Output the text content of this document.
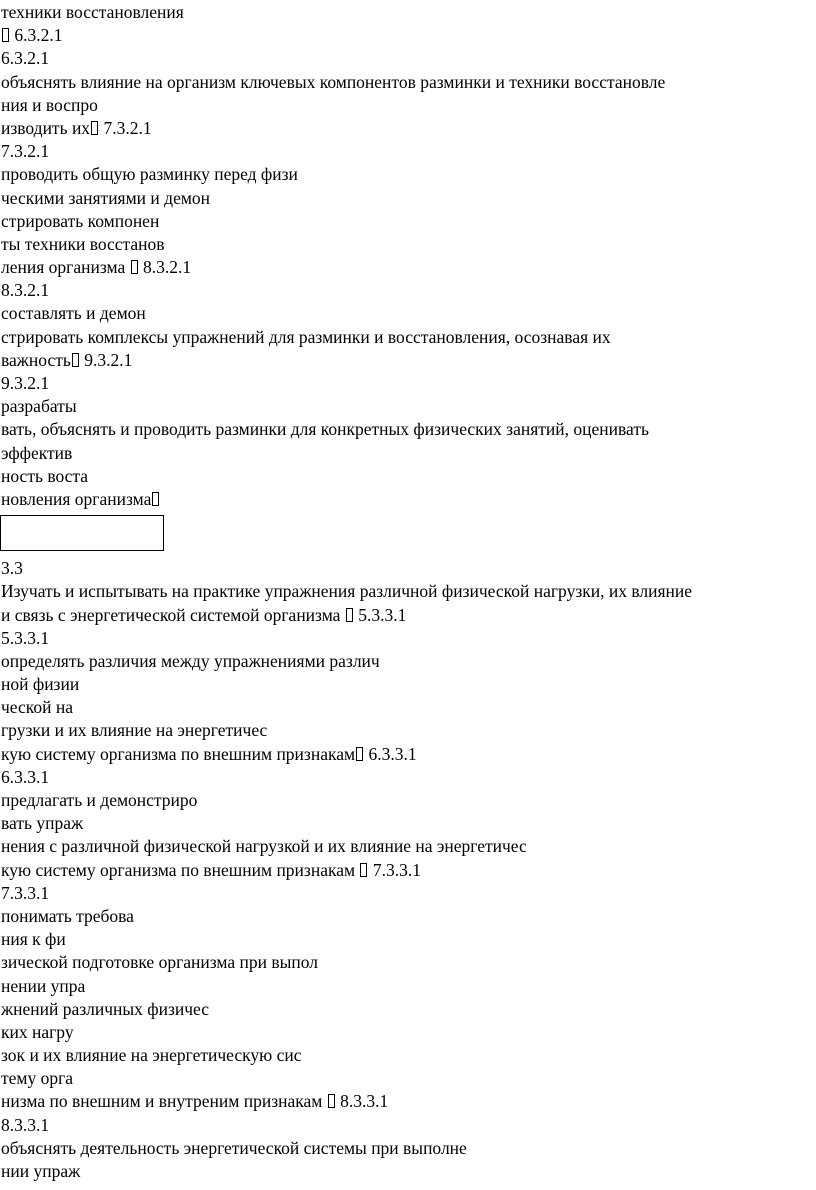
техники восстановления
6.3.2.1
6.3.2.1
объяснять влияние на организм ключевых компонентов разминки и техники восстановле
ния и воспро
изводить их 7.3.2.1
7.3.2.1
проводить общую разминку перед физи
ческими занятиями и демон
стрировать компонен
ты техники восстанов
ления организма  8.3.2.1
8.3.2.1
составлять и демон
стрировать комплексы упражнений для разминки и восстановления, осознавая их
важность 9.3.2.1
9.3.2.1
разрабаты
вать, объяснять и проводить разминки для конкретных физических занятий, оценивать
эффектив
ность воста
новления организма
3.3
Изучать и испытывать на практике упражнения различной физической нагрузки, их влияние
и связь с энергетической системой организма  5.3.3.1
5.3.3.1
определять различия между упражнениями различ
ной физии
ческой на
грузки и их влияние на энергетичес
кую систему организма по внешним признакам 6.3.3.1
6.3.3.1
предлагать и демонстриро
вать упраж
нения с различной физической нагрузкой и их влияние на энергетичес
кую систему организма по внешним признакам  7.3.3.1
7.3.3.1
понимать требова
ния к фи
зической подготовке организма при выпол
нении упра
жнений различных физичес
ких нагру
зок и их влияние на энергетическую сис
тему орга
низма по внешним и внутреним признакам  8.3.3.1
8.3.3.1
объяснять деятельность энергетической системы при выполне
нии упраж
